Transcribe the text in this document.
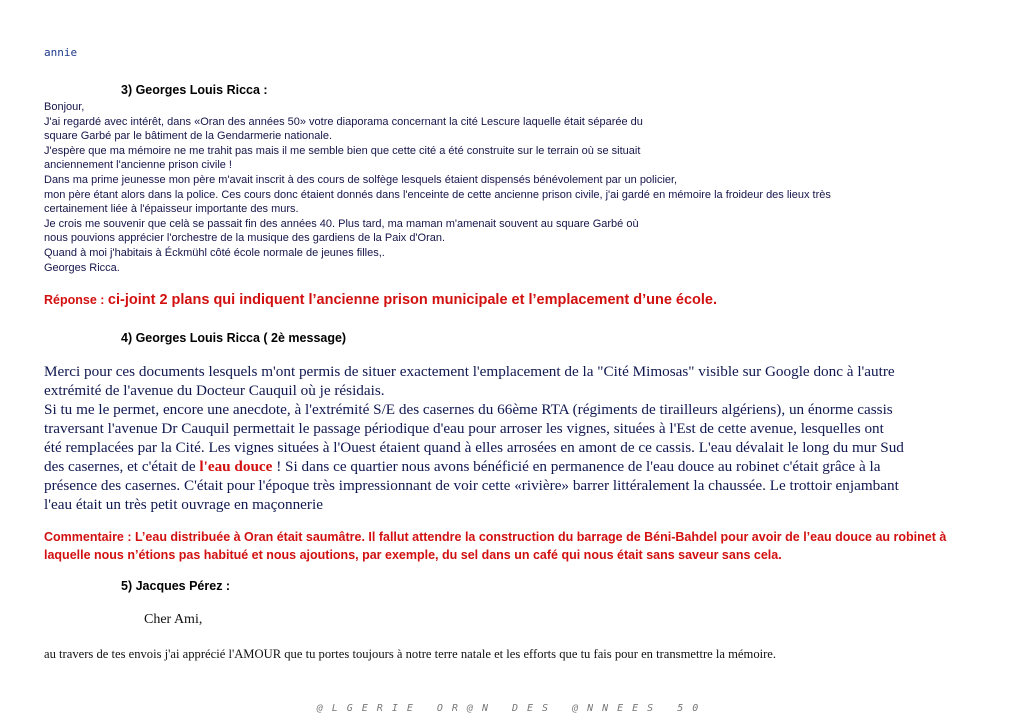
annie
3) Georges Louis Ricca :
Bonjour,
J'ai regardé avec intérêt, dans «Oran des années 50» votre diaporama concernant la cité Lescure laquelle était séparée du
square Garbé par le bâtiment de la Gendarmerie nationale.
J'espère que ma mémoire ne me trahit pas mais il me semble bien que cette cité a été construite sur le terrain où se situait
anciennement l'ancienne prison civile !
Dans ma prime jeunesse mon père m'avait inscrit à des cours de solfège lesquels étaient dispensés bénévolement par un policier,
mon père étant alors dans la police. Ces cours donc étaient donnés dans l'enceinte de cette ancienne prison civile, j'ai gardé en mémoire la froideur des lieux très
certainement liée à l'épaisseur importante des murs.
Je crois me souvenir que celà se passait fin des années 40. Plus tard, ma maman m'amenait souvent au square Garbé où
nous pouvions apprécier l'orchestre de la musique des gardiens de la Paix d'Oran.
Quand à moi j'habitais à Éckmühl côté école normale de jeunes filles,.
Georges Ricca.
Réponse : ci-joint 2 plans qui indiquent l’ancienne prison municipale et l’emplacement d’une école.
4) Georges Louis Ricca ( 2è message)
Merci pour ces documents lesquels m'ont permis de situer exactement l'emplacement de la "Cité Mimosas" visible sur Google donc à l'autre
extrémité de l'avenue du Docteur Cauquil où je résidais.
Si tu me le permet, encore une anecdote, à l'extrémité S/E des casernes du 66ème RTA (régiments de tirailleurs algériens), un énorme cassis
traversant l'avenue Dr Cauquil permettait le passage périodique d'eau pour arroser les vignes, situées à l'Est de cette avenue, lesquelles ont
été remplacées par la Cité. Les vignes situées à l'Ouest étaient quand à elles arrosées en amont de ce cassis. L'eau dévalait le long du mur Sud
des casernes, et c'était de l'eau douce ! Si dans ce quartier nous avons bénéficié en permanence de l'eau douce au robinet c'était grâce à la
présence des casernes. C'était pour l'époque très impressionnant de voir cette «rivière» barrer littéralement la chaussée. Le trottoir enjambant
l'eau était un très petit ouvrage en maçonnerie
Commentaire : L’eau distribuée à Oran était saumâtre. Il fallut attendre la construction du barrage de Béni-Bahdel pour avoir de l’eau douce au robinet à
laquelle nous n’étions pas habitué et nous ajoutions, par exemple, du sel dans un café qui nous était sans saveur sans cela.
5) Jacques Pérez :
Cher Ami,
au travers de tes envois j'ai apprécié l'AMOUR que tu portes toujours à notre terre natale et les efforts que tu fais pour en transmettre la mémoire.
@LGERIE OR@N DES @NNEES 50
